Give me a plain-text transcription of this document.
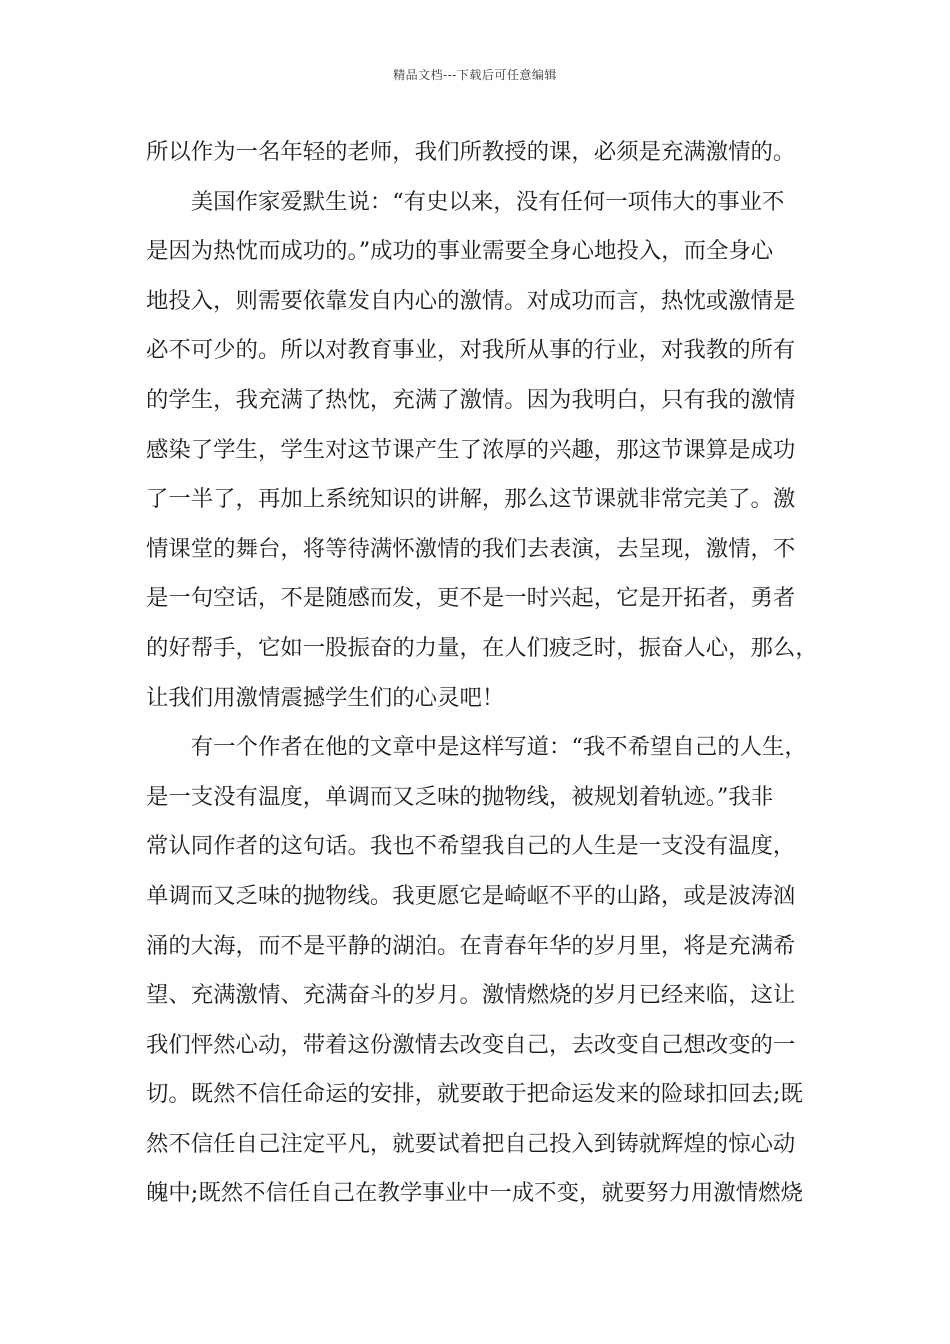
精品文档---下载后可任意编辑
所以作为一名年轻的老师，我们所教授的课，必须是充满激情的。
　　美国作家爱默生说：“有史以来，没有任何一项伟大的事业不
是因为热忱而成功的。”成功的事业需要全身心地投入，而全身心
地投入，则需要依靠发自内心的激情。对成功而言，热忱或激情是
必不可少的。所以对教育事业，对我所从事的行业，对我教的所有
的学生，我充满了热忱，充满了激情。因为我明白，只有我的激情
感染了学生，学生对这节课产生了浓厚的兴趣，那这节课算是成功
了一半了，再加上系统知识的讲解，那么这节课就非常完美了。激
情课堂的舞台，将等待满怀激情的我们去表演，去呈现，激情，不
是一句空话，不是随感而发，更不是一时兴起，它是开拓者，勇者
的好帮手，它如一股振奋的力量，在人们疲乏时，振奋人心，那么，
让我们用激情震撼学生们的心灵吧！
　　有一个作者在他的文章中是这样写道：“我不希望自己的人生，
是一支没有温度，单调而又乏味的抛物线，被规划着轨迹。”我非
常认同作者的这句话。我也不希望我自己的人生是一支没有温度，
单调而又乏味的抛物线。我更愿它是崎岖不平的山路，或是波涛汹
涌的大海，而不是平静的湖泊。在青春年华的岁月里，将是充满希
望、充满激情、充满奋斗的岁月。激情燃烧的岁月已经来临，这让
我们怦然心动，带着这份激情去改变自己，去改变自己想改变的一
切。既然不信任命运的安排，就要敢于把命运发来的险球扣回去;既
然不信任自己注定平凡，就要试着把自己投入到铸就辉煌的惊心动
魄中;既然不信任自己在教学事业中一成不变，就要努力用激情燃烧
